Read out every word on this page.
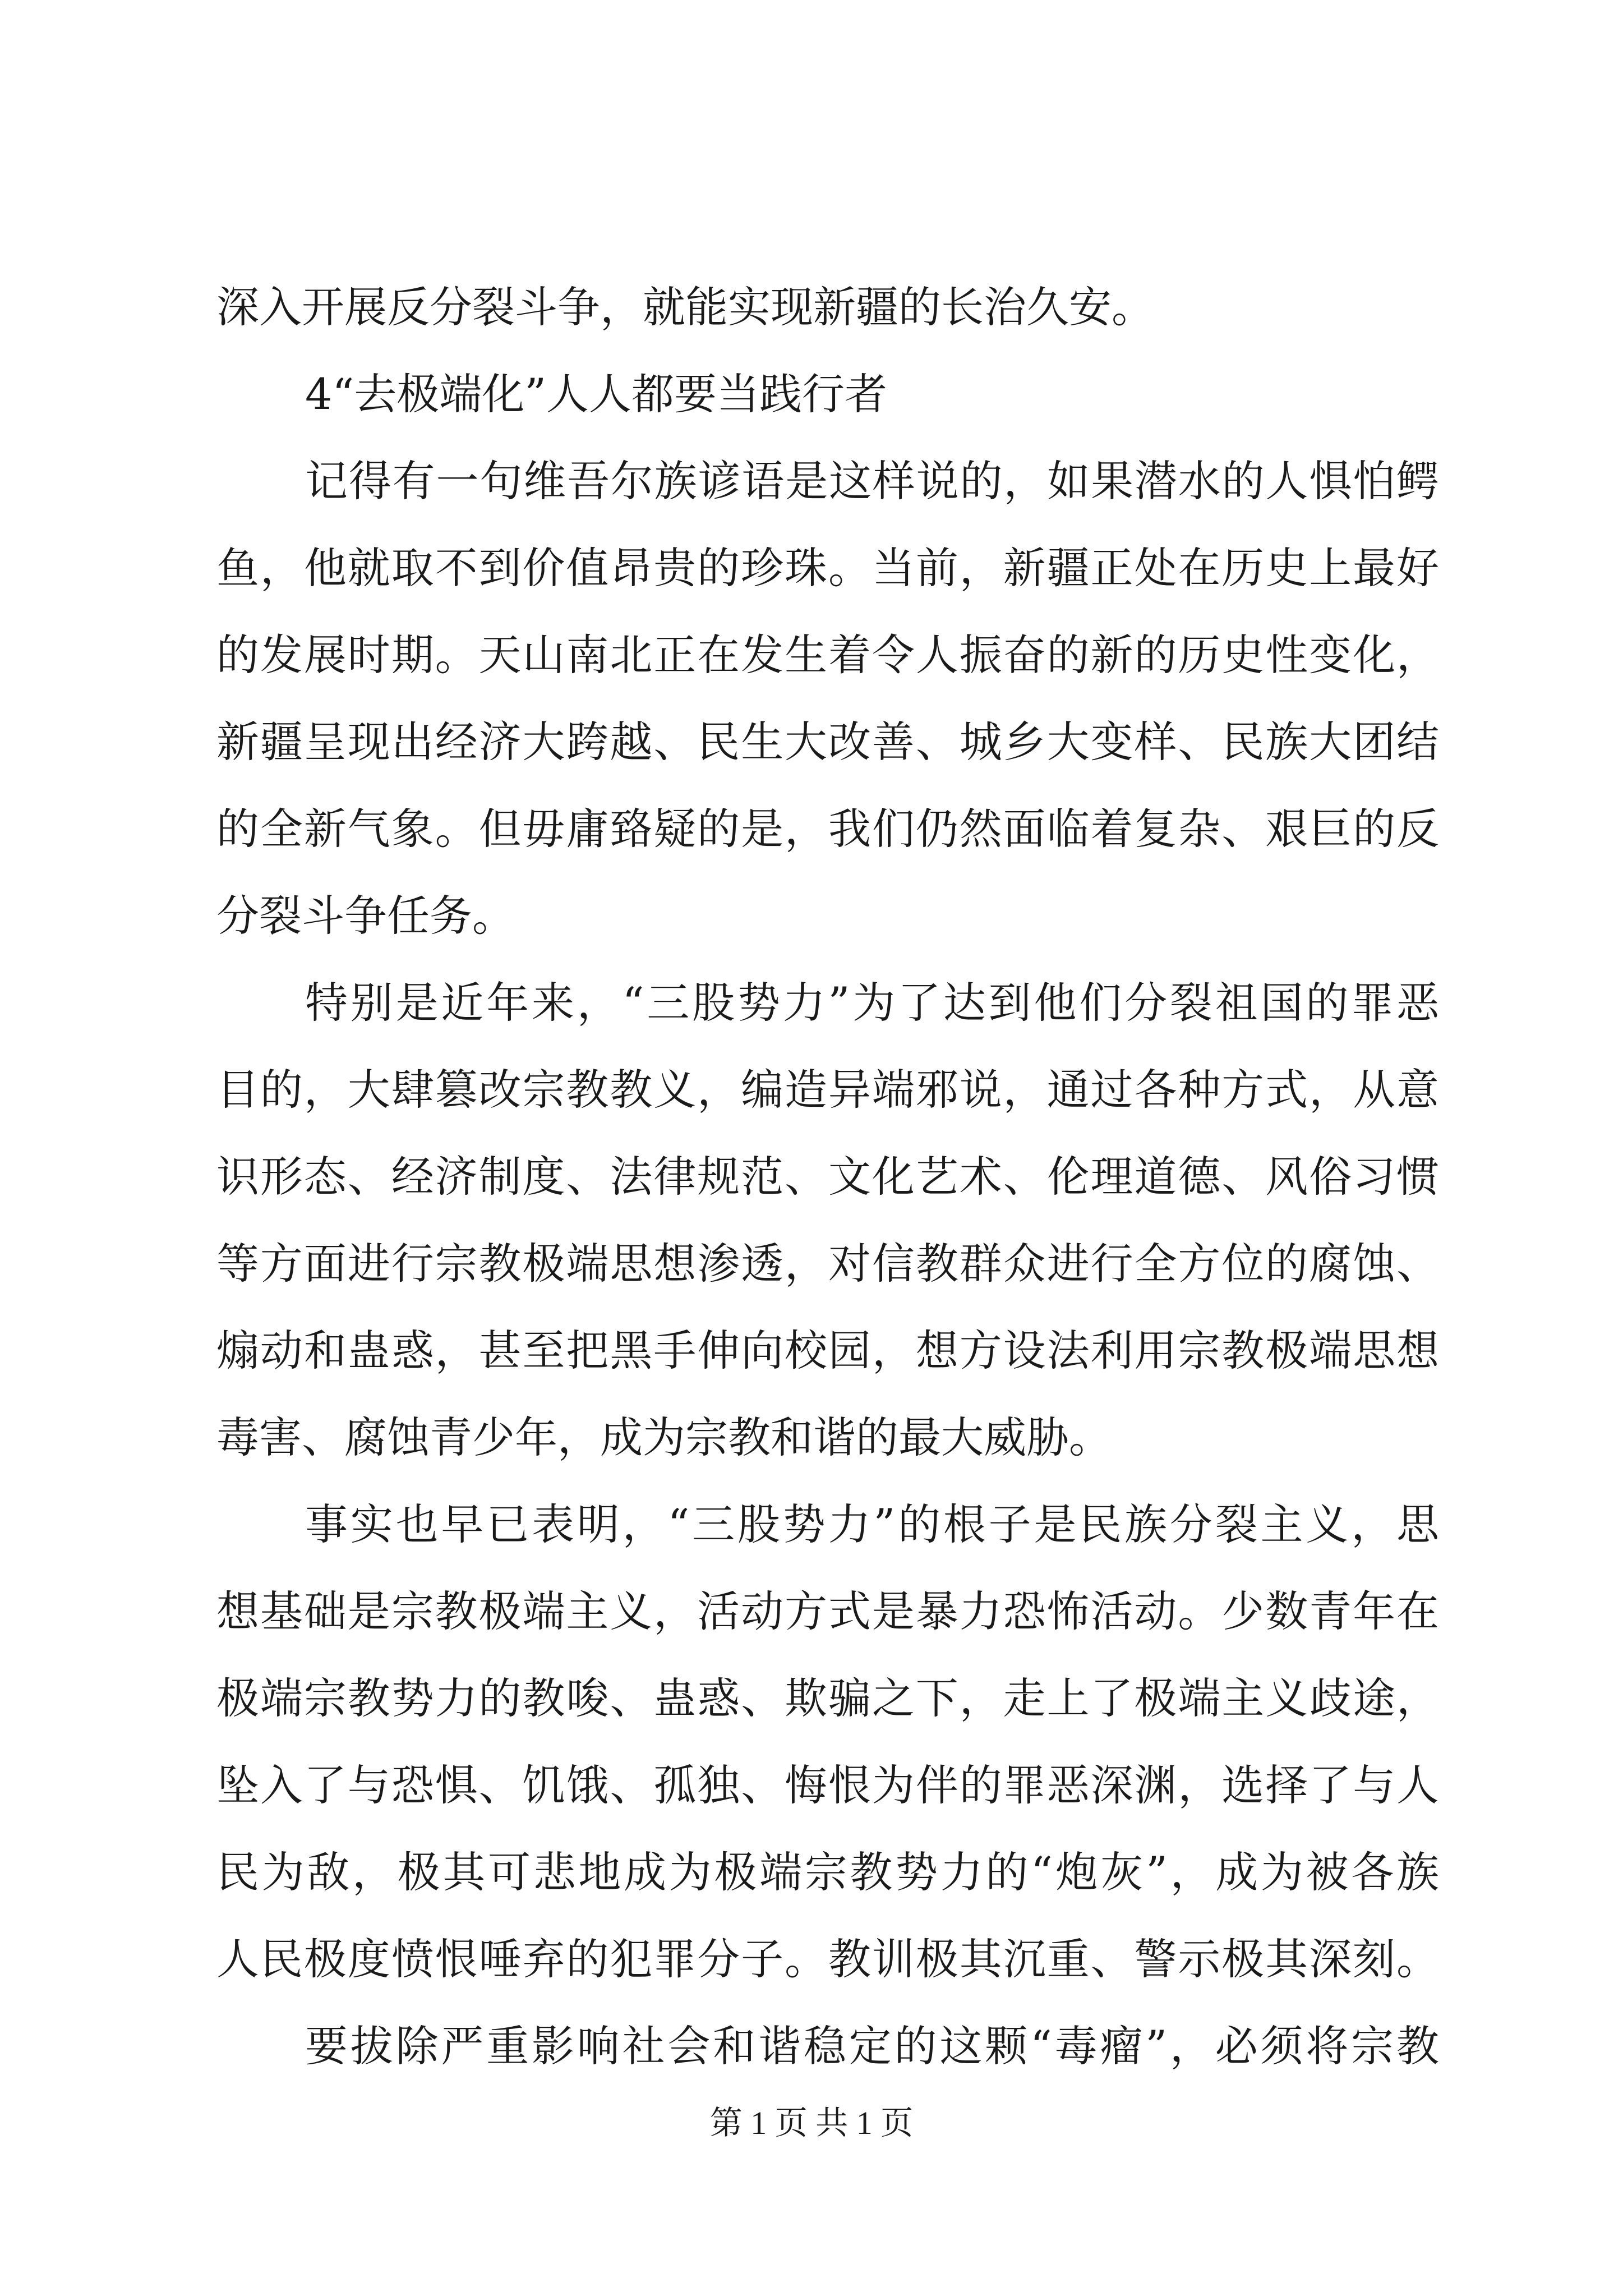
深入开展反分裂斗争，就能实现新疆的长治久安。
4“去极端化”人人都要当践行者
记得有一句维吾尔族谚语是这样说的，如果潜水的人惧怕鳄
鱼，他就取不到价值昂贵的珍珠。当前，新疆正处在历史上最好
的发展时期。天山南北正在发生着令人振奋的新的历史性变化，
新疆呈现出经济大跨越、民生大改善、城乡大变样、民族大团结
的全新气象。但毋庸臵疑的是，我们仍然面临着复杂、艰巨的反
分裂斗争任务。
特别是近年来，“三股势力”为了达到他们分裂祖国的罪恶
目的，大肆篡改宗教教义，编造异端邪说，通过各种方式，从意
识形态、经济制度、法律规范、文化艺术、伦理道德、风俗习惯
等方面进行宗教极端思想渗透，对信教群众进行全方位的腐蚀、
煽动和蛊惑，甚至把黑手伸向校园，想方设法利用宗教极端思想
毒害、腐蚀青少年，成为宗教和谐的最大威胁。
事实也早已表明，“三股势力”的根子是民族分裂主义，思
想基础是宗教极端主义，活动方式是暴力恐怖活动。少数青年在
极端宗教势力的教唆、蛊惑、欺骗之下，走上了极端主义歧途，
坠入了与恐惧、饥饿、孤独、悔恨为伴的罪恶深渊，选择了与人
民为敌，极其可悲地成为极端宗教势力的“炮灰”，成为被各族
人民极度愤恨唾弃的犯罪分子。教训极其沉重、警示极其深刻。
要拔除严重影响社会和谐稳定的这颗“毒瘤”，必须将宗教
第 1 页 共 1 页
